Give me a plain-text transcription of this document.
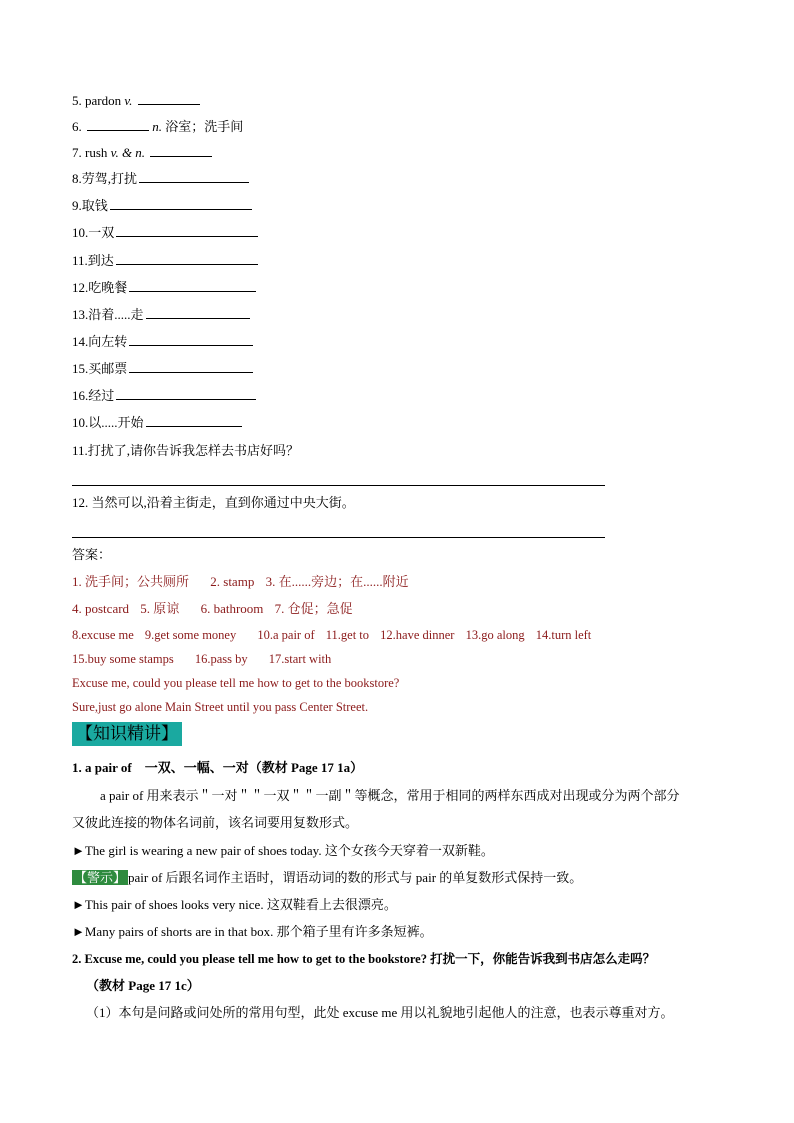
5. pardon v.
6.	n. 浴室；洗手间
7. rush v. & n.
8.劳驾,打扰
9.取钱
10.一双
11.到达
12.吃晚餐
13.沿着.....走
14.向左转
15.买邮票
16.经过
10.以.....开始
11.打扰了,请你告诉我怎样去书店好吗？
12. 当然可以,沿着主街走，直到你通过中央大街。
答案：
1. 洗手间；公共厕所 2. stamp 3. 在......旁边；在......附近
4. postcard 5. 原谅 6. bathroom 7. 仓促；急促
8.excuse me 9.get some money 10.a pair of 11.get to 12.have dinner 13.go along 14.turn left
15.buy some stamps 16.pass by 17.start with
Excuse me, could you please tell me how to get to the bookstore?
Sure,just go alone Main Street until you pass Center Street.
【知识精讲】
1. a pair of　一双、一幅、一对（教材 Page 17 1a）
a pair of 用来表示＂一对＂＂一双＂＂一副＂等概念，常用于相同的两样东西成对出现或分为两个部分
又彼此连接的物体名词前，该名词要用复数形式。
►The girl is wearing a new pair of shoes today. 这个女孩今天穿着一双新鞋。
【警示】 pair of 后跟名词作主语时，谓语动词的数的形式与 pair 的单复数形式保持一致。
►This pair of shoes looks very nice. 这双鞋看上去很漂亮。
►Many pairs of shorts are in that box. 那个箱子里有许多条短裤。
2. Excuse me, could you please tell me how to get to the bookstore? 打扰一下，你能告诉我到书店怎么走吗？
（教材 Page 17 1c）
（1）本句是问路或问处所的常用句型，此处 excuse me 用以礼貌地引起他人的注意，也表示尊重对方。
